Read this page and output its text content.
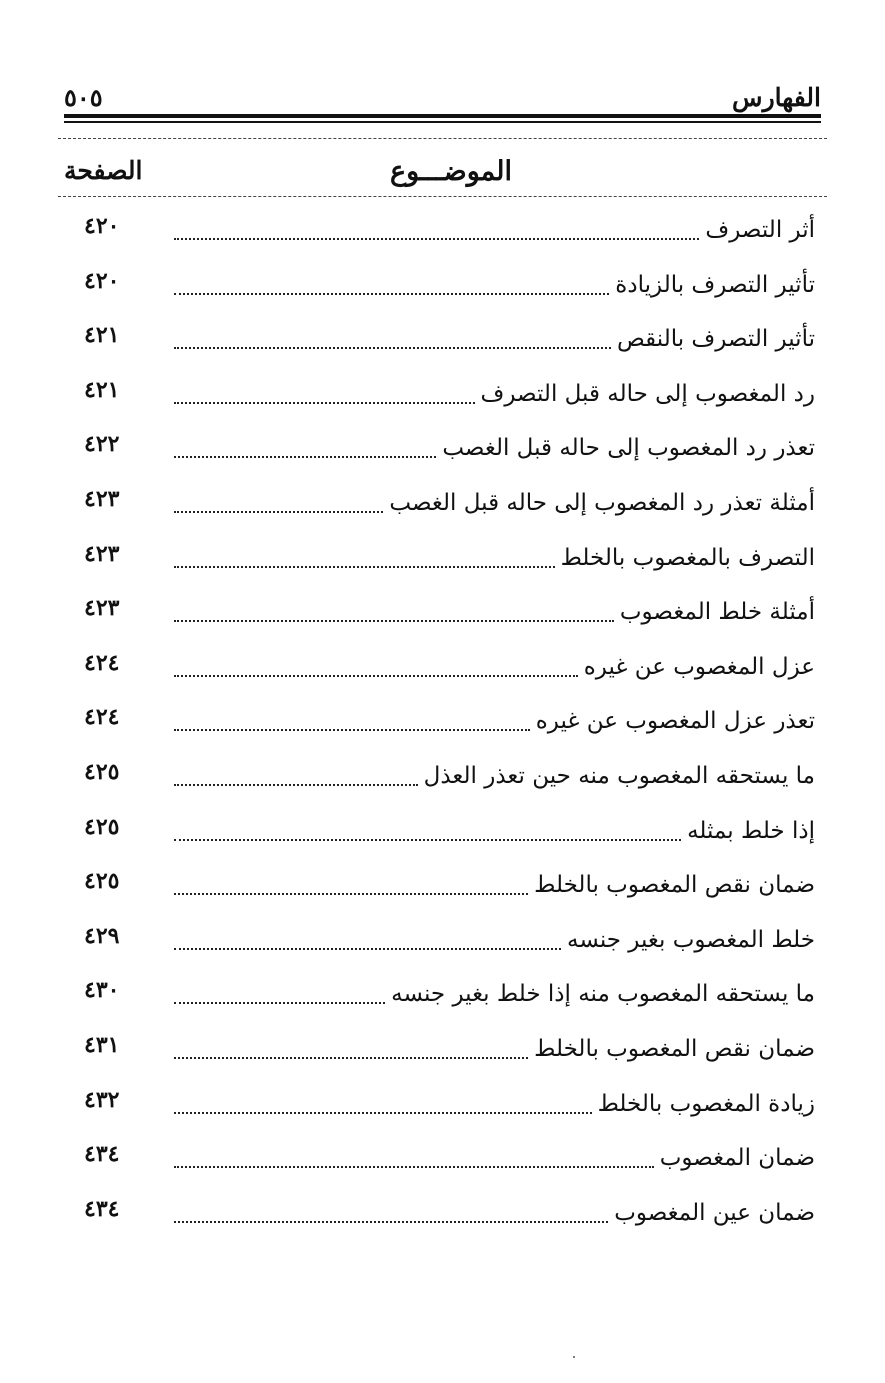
الفهارس
٥٠٥
الموضـــوع
الصفحة
أثر التصرف
٤٢٠
تأثير التصرف بالزيادة
٤٢٠
تأثير التصرف بالنقص
٤٢١
رد المغصوب إلى حاله قبل التصرف
٤٢١
تعذر رد المغصوب إلى حاله قبل الغصب
٤٢٢
أمثلة تعذر رد المغصوب إلى حاله قبل الغصب
٤٢٣
التصرف بالمغصوب بالخلط
٤٢٣
أمثلة خلط المغصوب
٤٢٣
عزل المغصوب عن غيره
٤٢٤
تعذر عزل المغصوب عن غيره
٤٢٤
ما يستحقه المغصوب منه حين تعذر العذل
٤٢٥
إذا خلط بمثله
٤٢٥
ضمان نقص المغصوب بالخلط
٤٢٥
خلط المغصوب بغير جنسه
٤٢٩
ما يستحقه المغصوب منه إذا خلط بغير جنسه
٤٣٠
ضمان نقص المغصوب بالخلط
٤٣١
زيادة المغصوب بالخلط
٤٣٢
ضمان المغصوب
٤٣٤
ضمان عين المغصوب
٤٣٤
